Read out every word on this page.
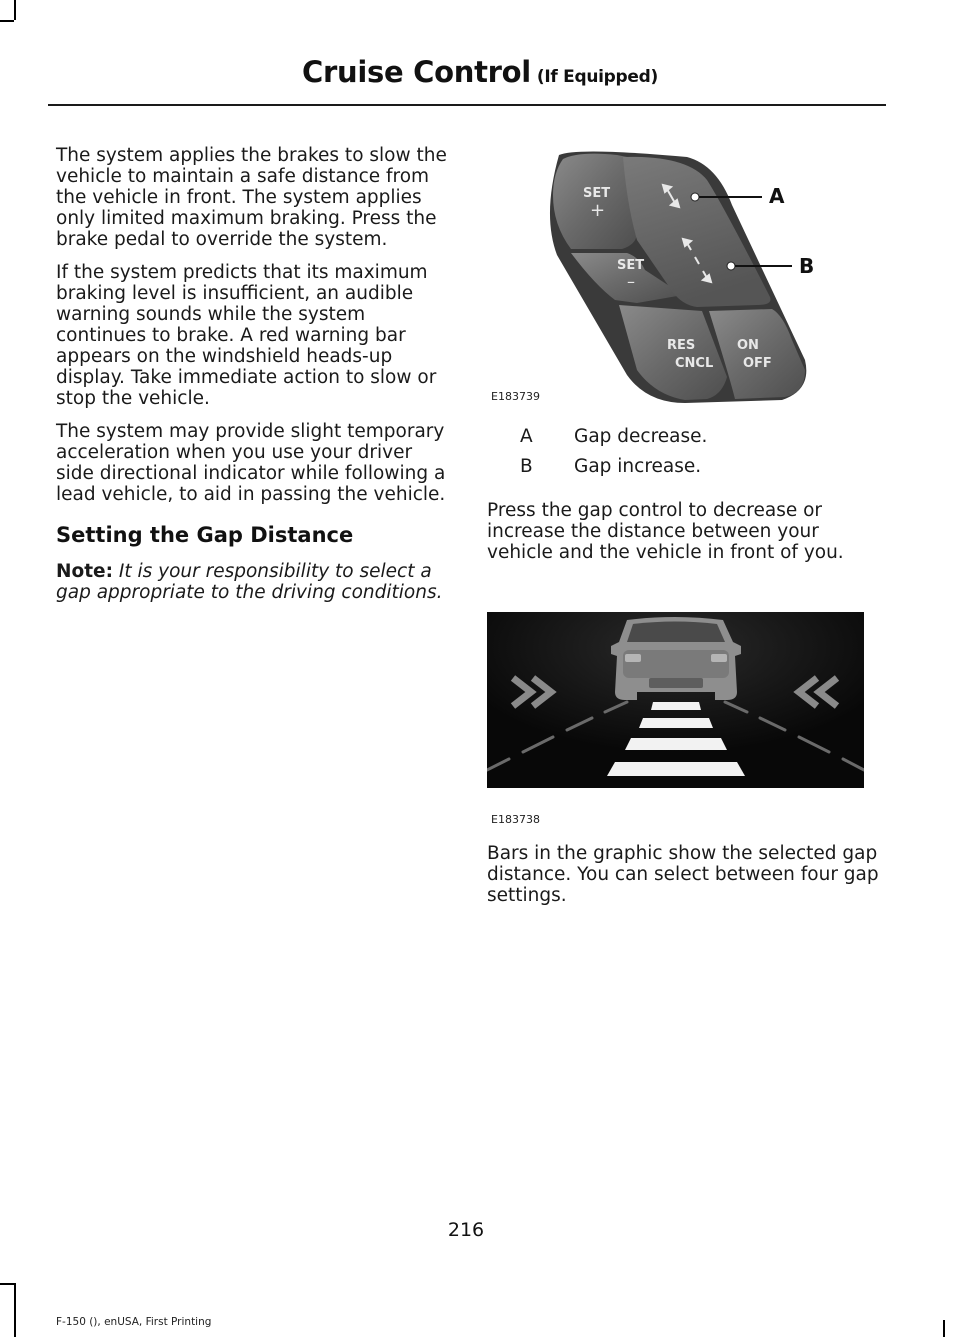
Cruise Control (If Equipped)

The system applies the brakes to slow the vehicle to maintain a safe distance from the vehicle in front. The system applies only limited maximum braking. Press the brake pedal to override the system.

If the system predicts that its maximum braking level is insufficient, an audible warning sounds while the system continues to brake. A red warning bar appears on the windshield heads-up display. Take immediate action to slow or stop the vehicle.

The system may provide slight temporary acceleration when you use your driver side directional indicator while following a lead vehicle, to aid in passing the vehicle.

Setting the Gap Distance

Note: It is your responsibility to select a gap appropriate to the driving conditions.

SET
+
SET
–
RES
CNCL
ON
OFF
A
B
E183739
A	Gap decrease.
B	Gap increase.

Press the gap control to decrease or increase the distance between your vehicle and the vehicle in front of you.

E183738

Bars in the graphic show the selected gap distance. You can select between four gap settings.

216
F-150 (), enUSA, First Printing
